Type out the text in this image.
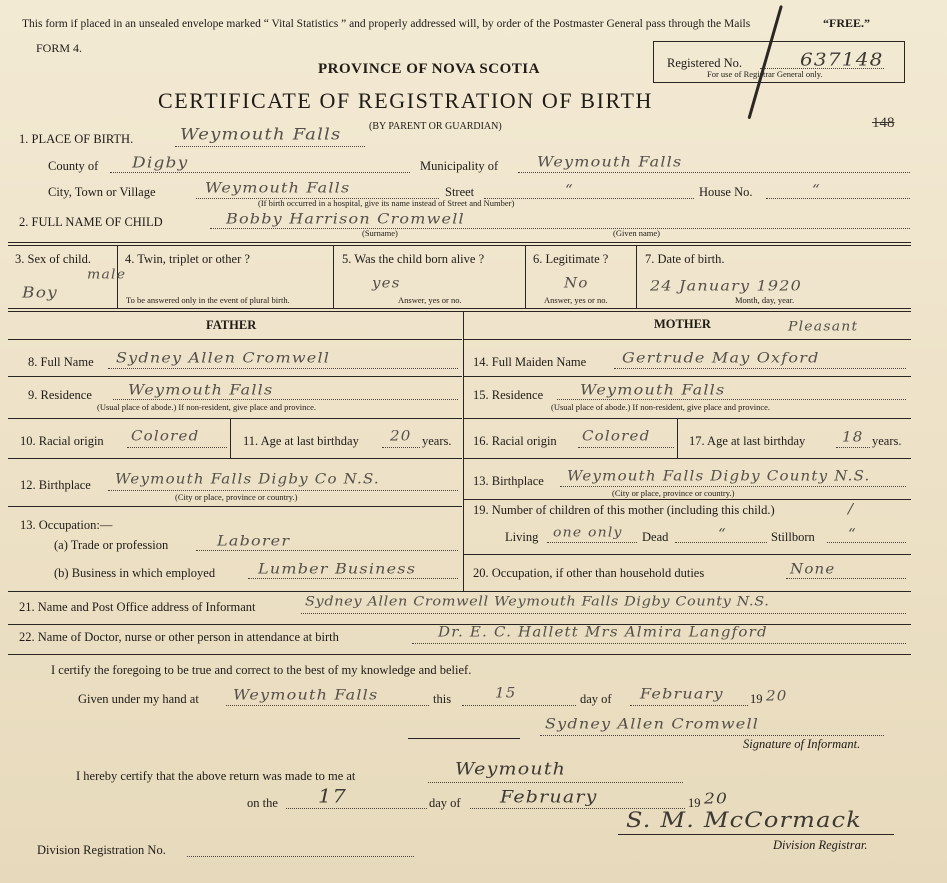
This form if placed in an unsealed envelope marked “ Vital Statistics ” and properly addressed will, by order of the Postmaster General pass through the Mails	“FREE.”
FORM 4.
PROVINCE OF NOVA SCOTIA
CERTIFICATE OF REGISTRATION OF BIRTH
(BY PARENT OR GUARDIAN)
Registered No.	637148
For use of Registrar General only.
148
1. PLACE OF BIRTH.	Weymouth Falls
County of Digby	Municipality of Weymouth Falls
City, Town or Village	Weymouth Falls	Street	“	House No.	“
(If birth occurred in a hospital, give its name instead of Street and Number)
2. FULL NAME OF CHILD	Bobby Harrison Cromwell
(Surname)	(Given name)
3. Sex of child.
male
Boy
4. Twin, triplet or other ?
To be answered only in the event of plural birth.
5. Was the child born alive ?
yes
Answer, yes or no.
6. Legitimate ?
No
Answer, yes or no.
7. Date of birth.
24 January 1920
Month, day, year.
FATHER	MOTHER	Pleasant
8. Full Name Sydney Allen Cromwell
9. Residence Weymouth Falls
(Usual place of abode.) If non-resident, give place and province.
10. Racial origin Colored	11. Age at last birthday 20 years.
12. Birthplace Weymouth Falls Digby Co N.S.
(City or place, province or country.)
13. Occupation:—
(a) Trade or profession	Laborer
(b) Business in which employed	Lumber Business
14. Full Maiden Name Gertrude May Oxford
15. Residence Weymouth Falls
(Usual place of abode.) If non-resident, give place and province.
16. Racial origin Colored	17. Age at last birthday 18 years.
13. Birthplace Weymouth Falls Digby County N.S.
(City or place, province or country.)
19. Number of children of this mother (including this child.)	/
Living one only Dead	“	Stillborn “
20. Occupation, if other than household duties	None
21. Name and Post Office address of Informant	Sydney Allen Cromwell Weymouth Falls Digby County N.S.
22. Name of Doctor, nurse or other person in attendance at birth	Dr. E. C. Hallett Mrs Almira Langford
I certify the foregoing to be true and correct to the best of my knowledge and belief.
Given under my hand at Weymouth Falls	this	15	day of February 19 20
Sydney Allen Cromwell
Signature of Informant.
I hereby certify that the above return was made to me at	Weymouth
on the 17	day of February	19 20
Division Registration No.
S. M. McCormack
Division Registrar.
